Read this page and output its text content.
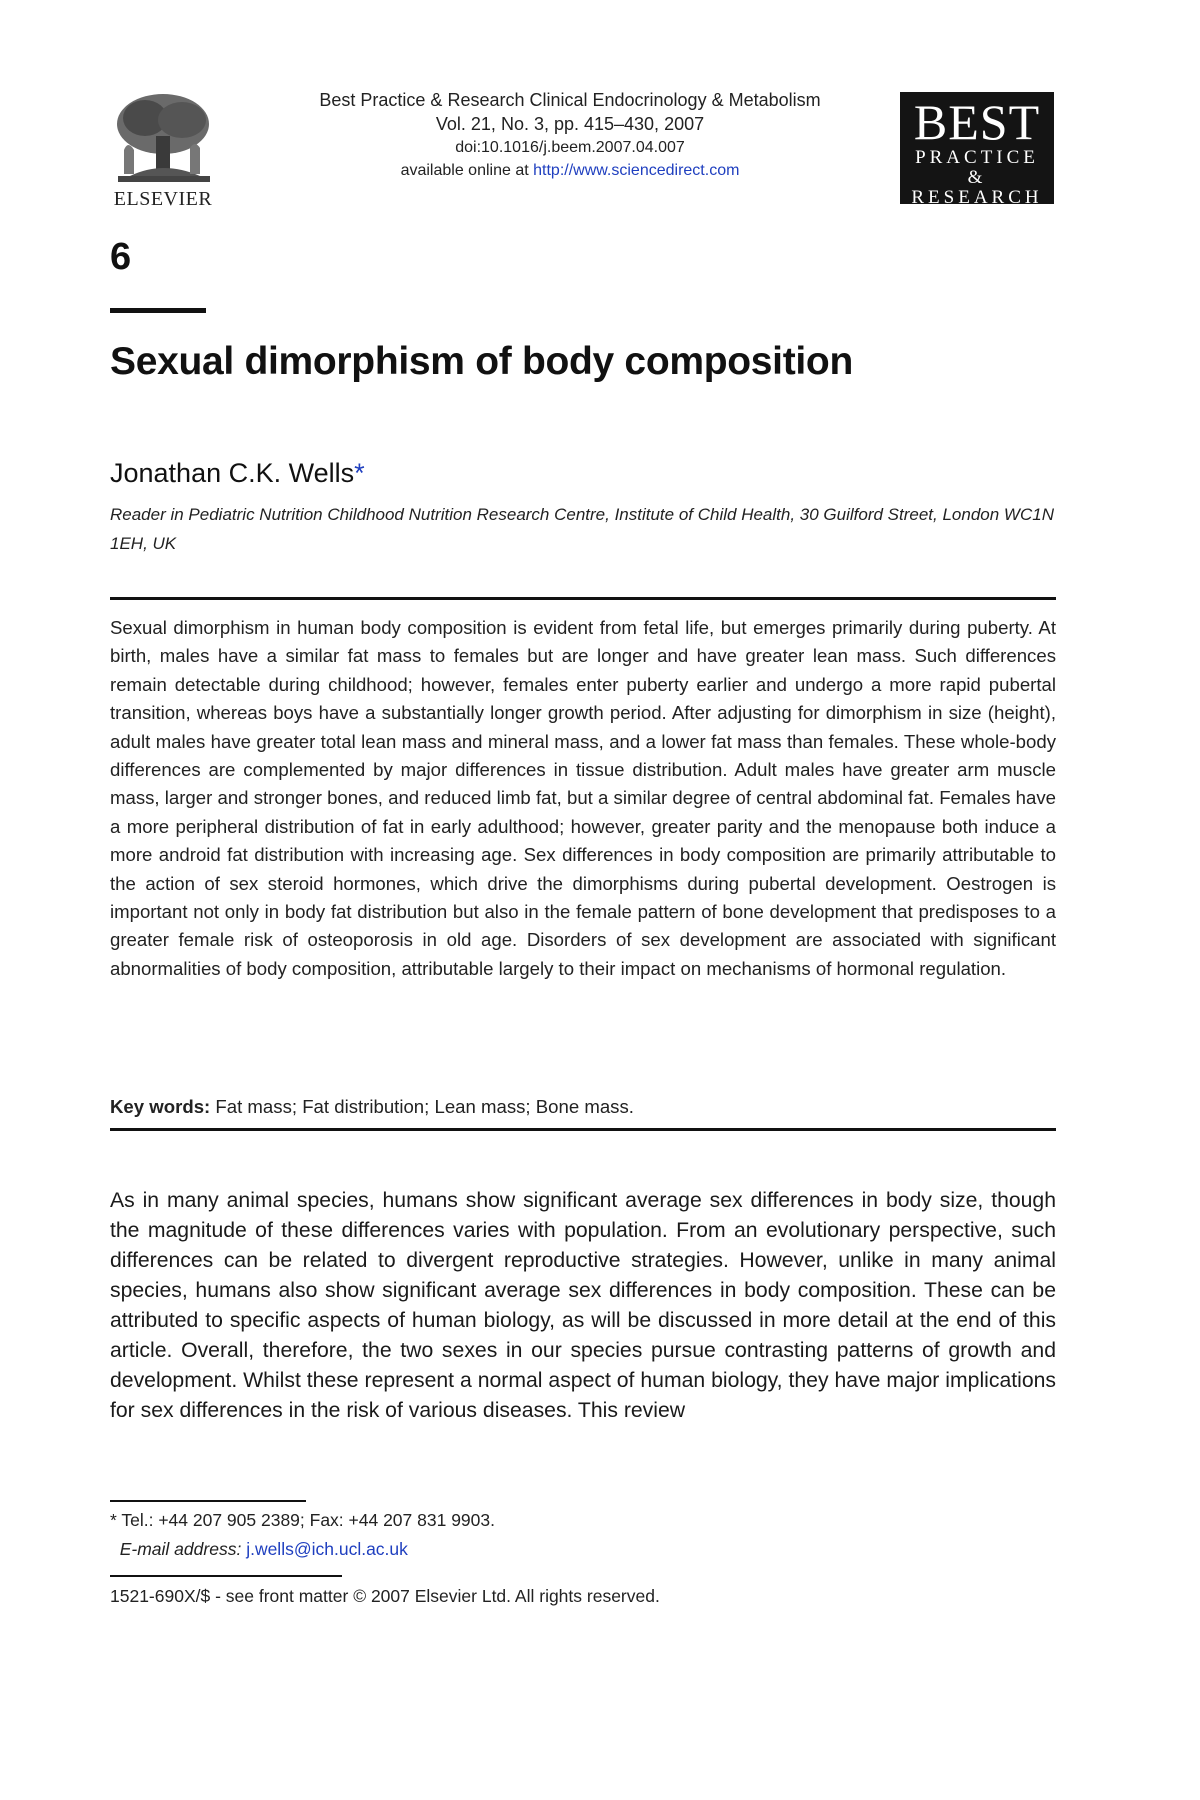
ELSEVIER
Best Practice & Research Clinical Endocrinology & Metabolism
Vol. 21, No. 3, pp. 415–430, 2007
doi:10.1016/j.beem.2007.04.007
available online at http://www.sciencedirect.com
BEST
PRACTICE
& RESEARCH
6
Sexual dimorphism of body composition
Jonathan C.K. Wells*
Reader in Pediatric Nutrition Childhood Nutrition Research Centre, Institute of Child Health, 30 Guilford Street, London WC1N 1EH, UK
Sexual dimorphism in human body composition is evident from fetal life, but emerges primarily during puberty. At birth, males have a similar fat mass to females but are longer and have greater lean mass. Such differences remain detectable during childhood; however, females enter puberty earlier and undergo a more rapid pubertal transition, whereas boys have a substantially longer growth period. After adjusting for dimorphism in size (height), adult males have greater total lean mass and mineral mass, and a lower fat mass than females. These whole-body differences are complemented by major differences in tissue distribution. Adult males have greater arm muscle mass, larger and stronger bones, and reduced limb fat, but a similar degree of central abdominal fat. Females have a more peripheral distribution of fat in early adulthood; however, greater parity and the menopause both induce a more android fat distribution with increasing age. Sex differences in body composition are primarily attributable to the action of sex steroid hormones, which drive the dimorphisms during pubertal development. Oestrogen is important not only in body fat distribution but also in the female pattern of bone development that predisposes to a greater female risk of osteoporosis in old age. Disorders of sex development are associated with significant abnormalities of body composition, attributable largely to their impact on mechanisms of hormonal regulation.
Key words: Fat mass; Fat distribution; Lean mass; Bone mass.
As in many animal species, humans show significant average sex differences in body size, though the magnitude of these differences varies with population. From an evolutionary perspective, such differences can be related to divergent reproductive strategies. However, unlike in many animal species, humans also show significant average sex differences in body composition. These can be attributed to specific aspects of human biology, as will be discussed in more detail at the end of this article. Overall, therefore, the two sexes in our species pursue contrasting patterns of growth and development. Whilst these represent a normal aspect of human biology, they have major implications for sex differences in the risk of various diseases. This review
* Tel.: +44 207 905 2389; Fax: +44 207 831 9903.
E-mail address: j.wells@ich.ucl.ac.uk
1521-690X/$ - see front matter © 2007 Elsevier Ltd. All rights reserved.
